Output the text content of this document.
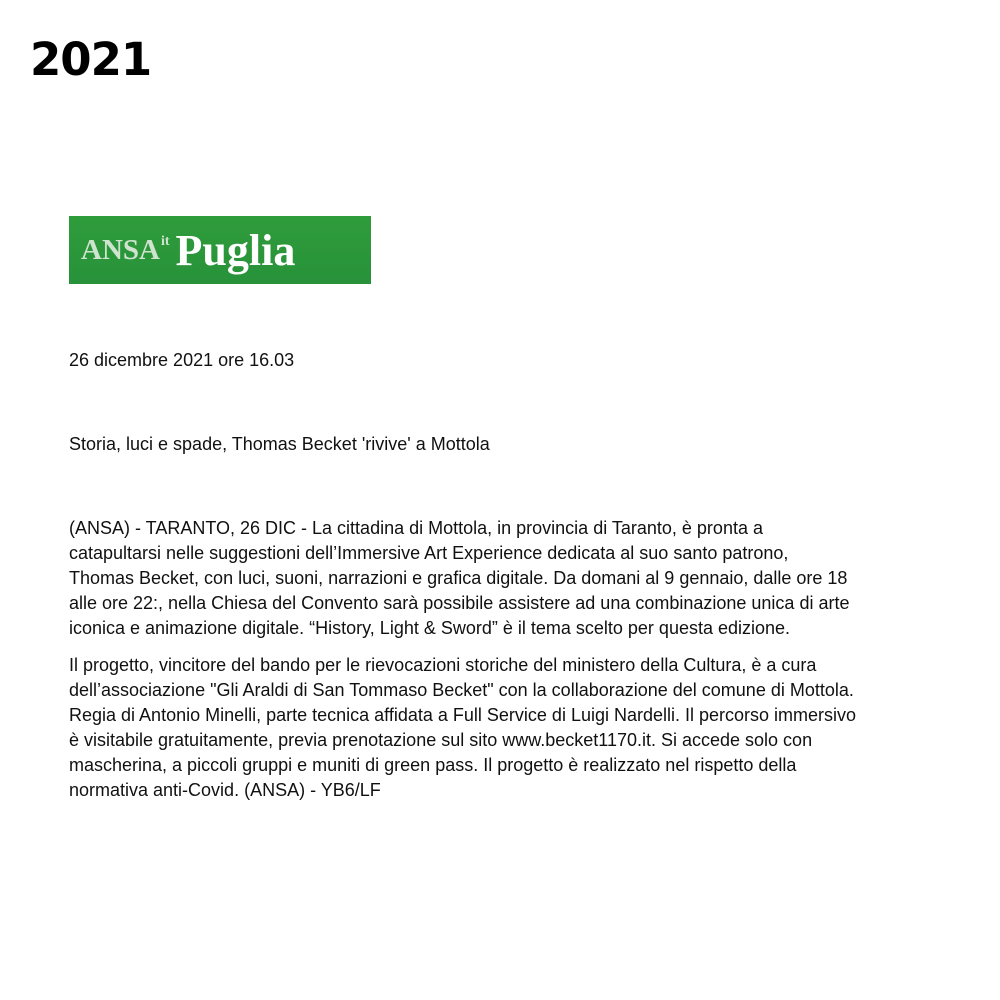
2021
ANSA it Puglia
26 dicembre 2021 ore 16.03
Storia, luci e spade, Thomas Becket 'rivive' a Mottola

(ANSA) - TARANTO, 26 DIC - La cittadina di Mottola, in provincia di Taranto, è pronta a
catapultarsi nelle suggestioni dell’Immersive Art Experience dedicata al suo santo patrono,
Thomas Becket, con luci, suoni, narrazioni e grafica digitale. Da domani al 9 gennaio, dalle ore 18
alle ore 22:, nella Chiesa del Convento sarà possibile assistere ad una combinazione unica di arte
iconica e animazione digitale. “History, Light & Sword” è il tema scelto per questa edizione.

Il progetto, vincitore del bando per le rievocazioni storiche del ministero della Cultura, è a cura
dell’associazione "Gli Araldi di San Tommaso Becket" con la collaborazione del comune di Mottola.
Regia di Antonio Minelli, parte tecnica affidata a Full Service di Luigi Nardelli. Il percorso immersivo
è visitabile gratuitamente, previa prenotazione sul sito www.becket1170.it. Si accede solo con
mascherina, a piccoli gruppi e muniti di green pass. Il progetto è realizzato nel rispetto della
normativa anti-Covid. (ANSA) - YB6/LF
